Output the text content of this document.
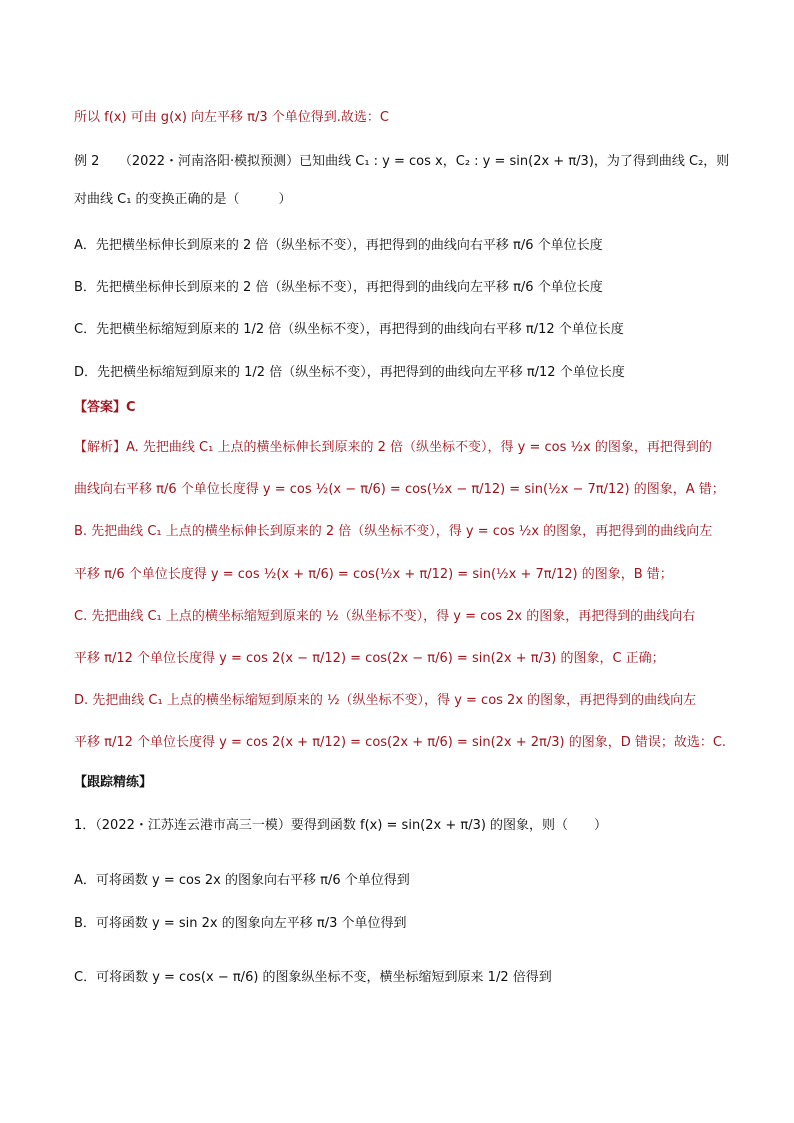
所以 f(x) 可由 g(x) 向左平移 π/3 个单位得到.故选：C
例 2　　（2022・河南洛阳·模拟预测）已知曲线 C₁ : y = cos x，C₂ : y = sin(2x + π/3)，为了得到曲线 C₂，则
对曲线 C₁ 的变换正确的是（　　　）
A．先把横坐标伸长到原来的 2 倍（纵坐标不变），再把得到的曲线向右平移 π/6 个单位长度
B．先把横坐标伸长到原来的 2 倍（纵坐标不变），再把得到的曲线向左平移 π/6 个单位长度
C．先把横坐标缩短到原来的 1/2 倍（纵坐标不变），再把得到的曲线向右平移 π/12 个单位长度
D．先把横坐标缩短到原来的 1/2 倍（纵坐标不变），再把得到的曲线向左平移 π/12 个单位长度
【答案】C
【解析】A. 先把曲线 C₁ 上点的横坐标伸长到原来的 2 倍（纵坐标不变），得 y = cos ½x 的图象，再把得到的
曲线向右平移 π/6 个单位长度得 y = cos ½(x − π/6) = cos(½x − π/12) = sin(½x − 7π/12) 的图象，A 错；
B. 先把曲线 C₁ 上点的横坐标伸长到原来的 2 倍（纵坐标不变），得 y = cos ½x 的图象，再把得到的曲线向左
平移 π/6 个单位长度得 y = cos ½(x + π/6) = cos(½x + π/12) = sin(½x + 7π/12) 的图象，B 错；
C. 先把曲线 C₁ 上点的横坐标缩短到原来的 ½（纵坐标不变），得 y = cos 2x 的图象，再把得到的曲线向右
平移 π/12 个单位长度得 y = cos 2(x − π/12) = cos(2x − π/6) = sin(2x + π/3) 的图象，C 正确；
D. 先把曲线 C₁ 上点的横坐标缩短到原来的 ½（纵坐标不变），得 y = cos 2x 的图象，再把得到的曲线向左
平移 π/12 个单位长度得 y = cos 2(x + π/12) = cos(2x + π/6) = sin(2x + 2π/3) 的图象，D 错误；故选：C.
【跟踪精练】
1．（2022・江苏连云港市高三一模）要得到函数 f(x) = sin(2x + π/3) 的图象，则（　　）
A．可将函数 y = cos 2x 的图象向右平移 π/6 个单位得到
B．可将函数 y = sin 2x 的图象向左平移 π/3 个单位得到
C．可将函数 y = cos(x − π/6) 的图象纵坐标不变，横坐标缩短到原来 1/2 倍得到
